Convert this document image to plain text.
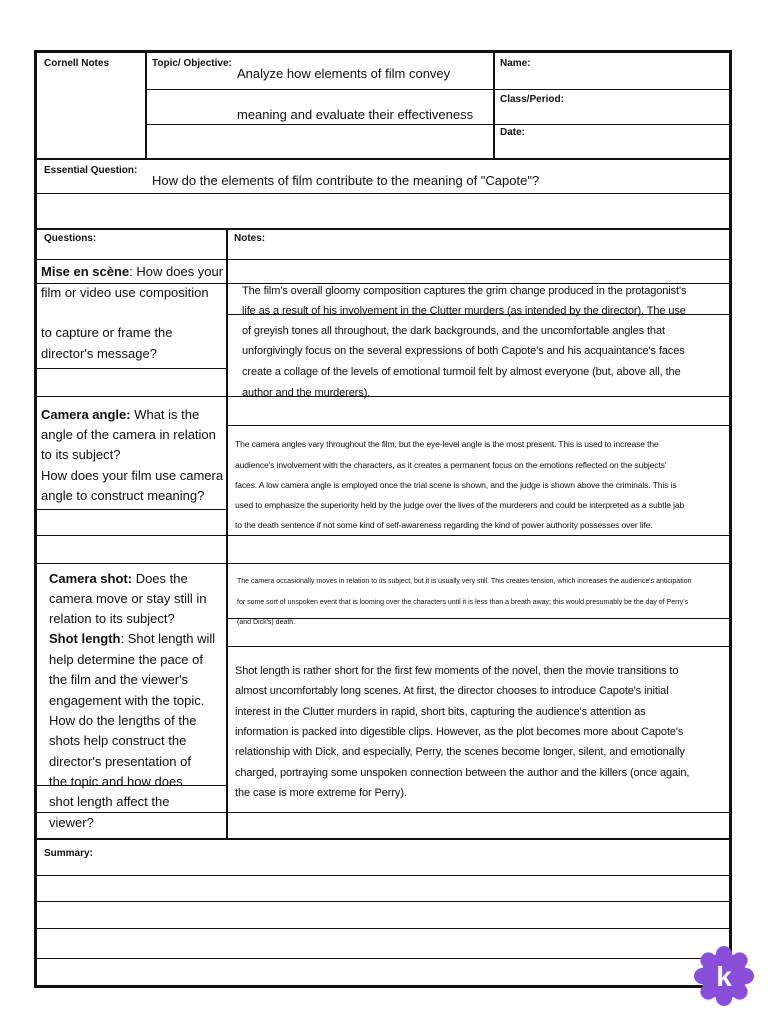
Cornell Notes	Topic/ Objective:
Analyze how elements of film convey
meaning and evaluate their effectiveness
Name:
Class/Period:
Date:
Essential Question:
How do the elements of film contribute to the meaning of "Capote"?
Questions:	Notes:
Mise en scène: How does your
film or video use composition
to capture or frame the
director's message?
Camera angle: What is the
angle of the camera in relation
to its subject?
How does your film use camera
angle to construct meaning?
Camera shot: Does the
camera move or stay still in
relation to its subject?
Shot length: Shot length will
help determine the pace of
the film and the viewer's
engagement with the topic.
How do the lengths of the
shots help construct the
director's presentation of
the topic and how does
shot length affect the
viewer?
The film's overall gloomy composition captures the grim change produced in the protagonist's
life as a result of his involvement in the Clutter murders (as intended by the director). The use
of greyish tones all throughout, the dark backgrounds, and the uncomfortable angles that
unforgivingly focus on the several expressions of both Capote's and his acquaintance's faces
create a collage of the levels of emotional turmoil felt by almost everyone (but, above all, the
author and the murderers).
The camera angles vary throughout the film, but the eye-level angle is the most present. This is used to increase the
audience's involvement with the characters, as it creates a permanent focus on the emotions reflected on the subjects'
faces. A low camera angle is employed once the trial scene is shown, and the judge is shown above the criminals. This is
used to emphasize the superiority held by the judge over the lives of the murderers and could be interpreted as a subtle jab
to the death sentence if not some kind of self-awareness regarding the kind of power authority possesses over life.
The camera occasionally moves in relation to its subject, but it is usually very still. This creates tension, which increases the audience's anticipation
for some sort of unspoken event that is looming over the characters until it is less than a breath away; this would presumably be the day of Perry's
(and Dick's) death.
Shot length is rather short for the first few moments of the novel, then the movie transitions to
almost uncomfortably long scenes. At first, the director chooses to introduce Capote's initial
interest in the Clutter murders in rapid, short bits, capturing the audience's attention as
information is packed into digestible clips. However, as the plot becomes more about Capote's
relationship with Dick, and especially, Perry, the scenes become longer, silent, and emotionally
charged, portraying some unspoken connection between the author and the killers (once again,
the case is more extreme for Perry).
Summary:
k
